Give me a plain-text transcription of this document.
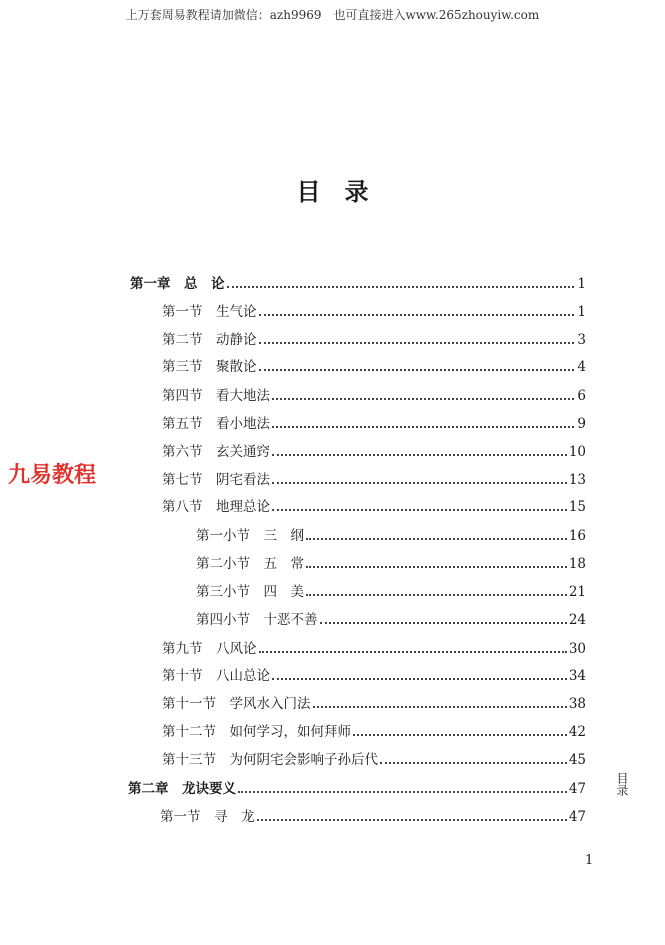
上万套周易教程请加微信：azh9969　也可直接进入www.265zhouyiw.com
目录
九易教程
第一章　总　论	1
第一节　生气论	1
第二节　动静论	3
第三节　聚散论	4
第四节　看大地法	6
第五节　看小地法	9
第六节　玄关通窍	10
第七节　阴宅看法	13
第八节　地理总论	15
第一小节　三　纲	16
第二小节　五　常	18
第三小节　四　美	21
第四小节　十恶不善	24
第九节　八风论	30
第十节　八山总论	34
第十一节　学风水入门法	38
第十二节　如何学习，如何拜师	42
第十三节　为何阴宅会影响子孙后代	45
第二章　龙诀要义	47
第一节　寻　龙	47
目录
1
